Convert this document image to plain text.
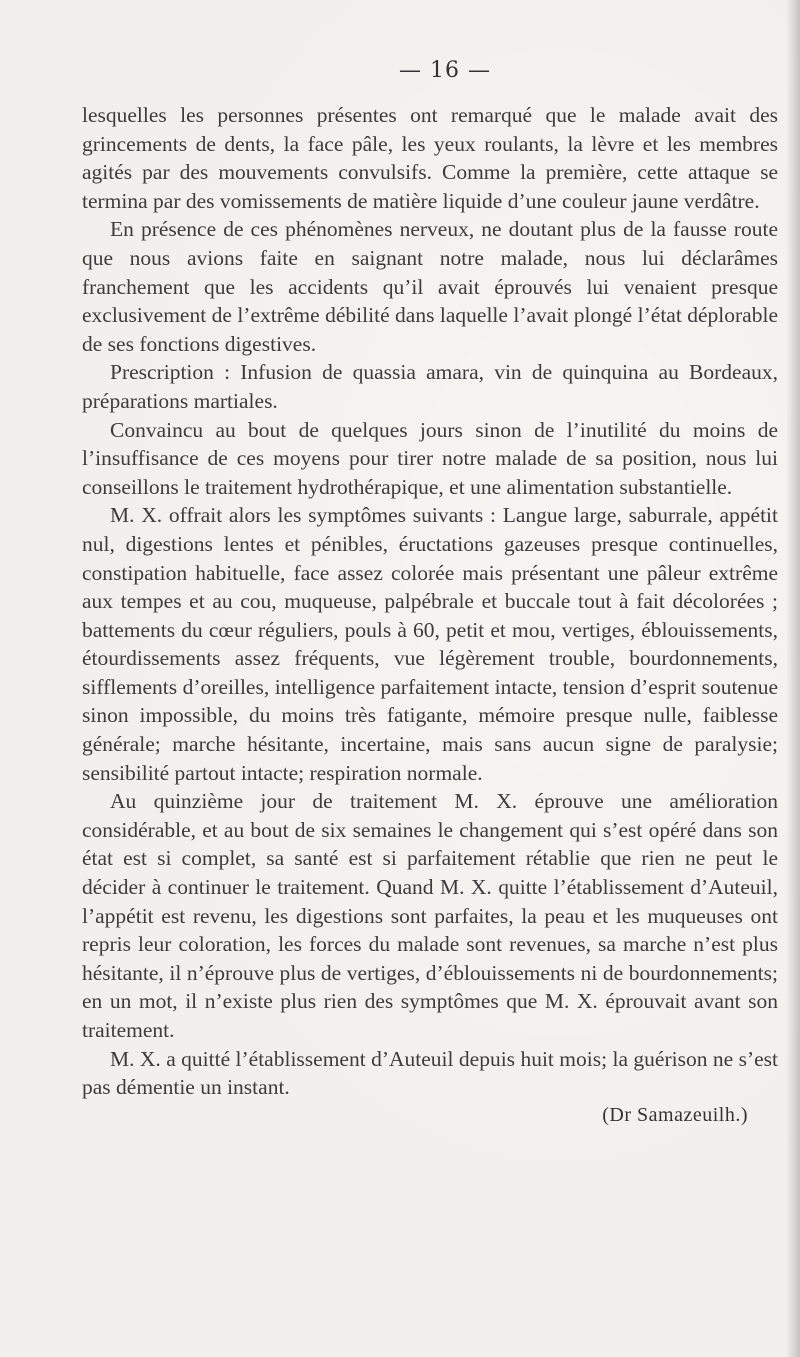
— 16 —

lesquelles les personnes présentes ont remarqué que le malade avait des grincements de dents, la face pâle, les yeux roulants, la lèvre et les membres agités par des mouvements convulsifs. Comme la première, cette attaque se termina par des vomissements de matière liquide d’une couleur jaune verdâtre.

En présence de ces phénomènes nerveux, ne doutant plus de la fausse route que nous avions faite en saignant notre malade, nous lui déclarâmes franchement que les accidents qu’il avait éprouvés lui venaient presque exclusivement de l’extrême débilité dans laquelle l’avait plongé l’état déplorable de ses fonctions digestives.

Prescription : Infusion de quassia amara, vin de quinquina au Bordeaux, préparations martiales.

Convaincu au bout de quelques jours sinon de l’inutilité du moins de l’insuffisance de ces moyens pour tirer notre malade de sa position, nous lui conseillons le traitement hydrothérapique, et une alimentation substantielle.

M. X. offrait alors les symptômes suivants : Langue large, saburrale, appétit nul, digestions lentes et pénibles, éructations gazeuses presque continuelles, constipation habituelle, face assez colorée mais présentant une pâleur extrême aux tempes et au cou, muqueuse, palpébrale et buccale tout à fait décolorées ; battements du cœur réguliers, pouls à 60, petit et mou, vertiges, éblouissements, étourdissements assez fréquents, vue légèrement trouble, bourdonnements, sifflements d’oreilles, intelligence parfaitement intacte, tension d’esprit soutenue sinon impossible, du moins très fatigante, mémoire presque nulle, faiblesse générale; marche hésitante, incertaine, mais sans aucun signe de paralysie; sensibilité partout intacte; respiration normale.

Au quinzième jour de traitement M. X. éprouve une amélioration considérable, et au bout de six semaines le changement qui s’est opéré dans son état est si complet, sa santé est si parfaitement rétablie que rien ne peut le décider à continuer le traitement. Quand M. X. quitte l’établissement d’Auteuil, l’appétit est revenu, les digestions sont parfaites, la peau et les muqueuses ont repris leur coloration, les forces du malade sont revenues, sa marche n’est plus hésitante, il n’éprouve plus de vertiges, d’éblouissements ni de bourdonnements; en un mot, il n’existe plus rien des symptômes que M. X. éprouvait avant son traitement.

M. X. a quitté l’établissement d’Auteuil depuis huit mois; la guérison ne s’est pas démentie un instant.

(Dr Samazeuilh.)
